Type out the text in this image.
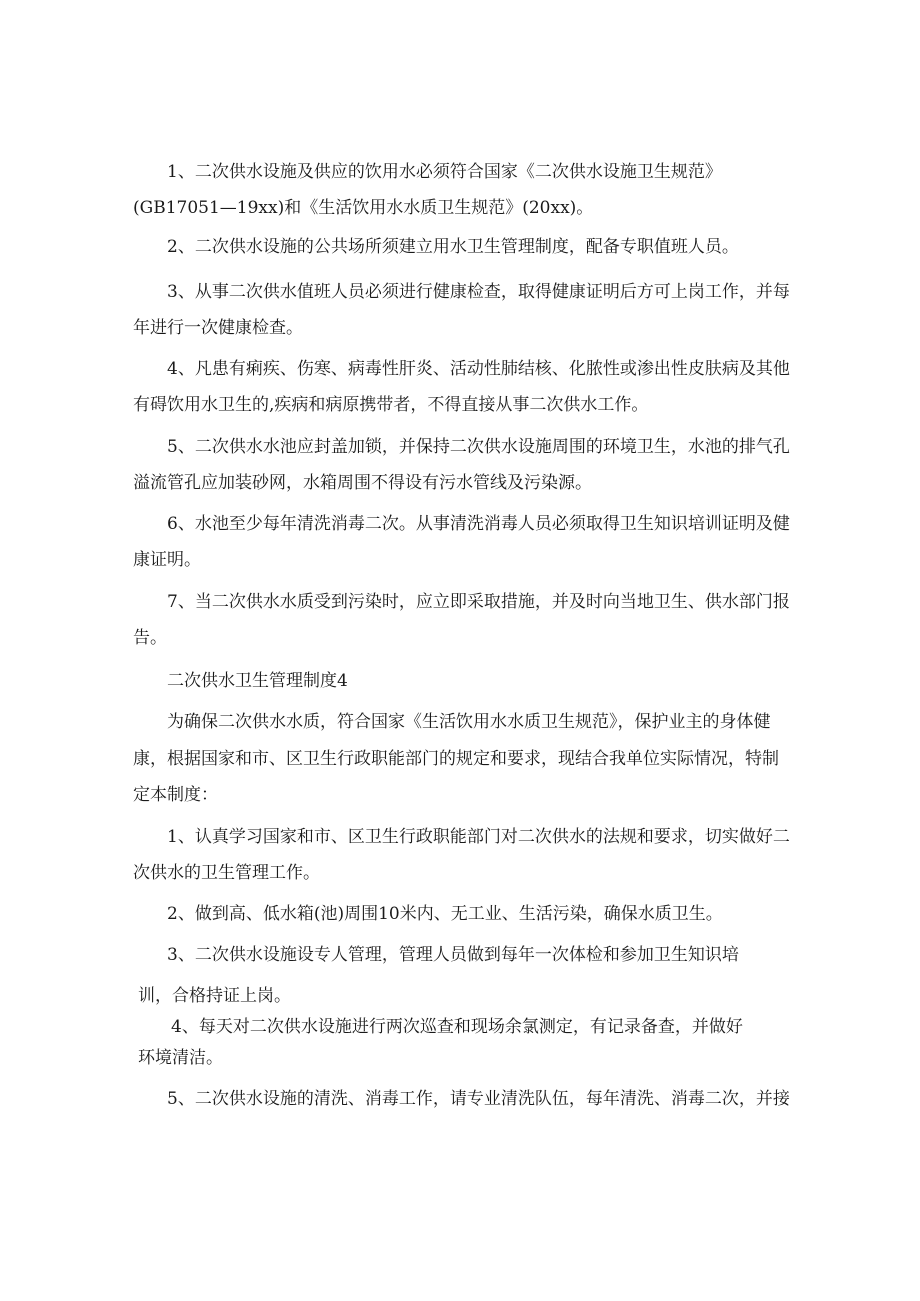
1、二次供水设施及供应的饮用水必须符合国家《二次供水设施卫生规范》
(GB17051—19xx)和《生活饮用水水质卫生规范》(20xx)。
2、二次供水设施的公共场所须建立用水卫生管理制度，配备专职值班人员。
3、从事二次供水值班人员必须进行健康检查，取得健康证明后方可上岗工作，并每
年进行一次健康检查。
4、凡患有痢疾、伤寒、病毒性肝炎、活动性肺结核、化脓性或渗出性皮肤病及其他
有碍饮用水卫生的,疾病和病原携带者，不得直接从事二次供水工作。
5、二次供水水池应封盖加锁，并保持二次供水设施周围的环境卫生，水池的排气孔
溢流管孔应加装砂网，水箱周围不得设有污水管线及污染源。
6、水池至少每年清洗消毒二次。从事清洗消毒人员必须取得卫生知识培训证明及健
康证明。
7、当二次供水水质受到污染时，应立即采取措施，并及时向当地卫生、供水部门报
告。
二次供水卫生管理制度4
为确保二次供水水质，符合国家《生活饮用水水质卫生规范》，保护业主的身体健
康，根据国家和市、区卫生行政职能部门的规定和要求，现结合我单位实际情况，特制
定本制度：
1、认真学习国家和市、区卫生行政职能部门对二次供水的法规和要求，切实做好二
次供水的卫生管理工作。
2、做到高、低水箱(池)周围10米内、无工业、生活污染，确保水质卫生。
3、二次供水设施设专人管理，管理人员做到每年一次体检和参加卫生知识培
训，合格持证上岗。
4、每天对二次供水设施进行两次巡查和现场余氯测定，有记录备查，并做好
环境清洁。
5、二次供水设施的清洗、消毒工作，请专业清洗队伍，每年清洗、消毒二次，并接
